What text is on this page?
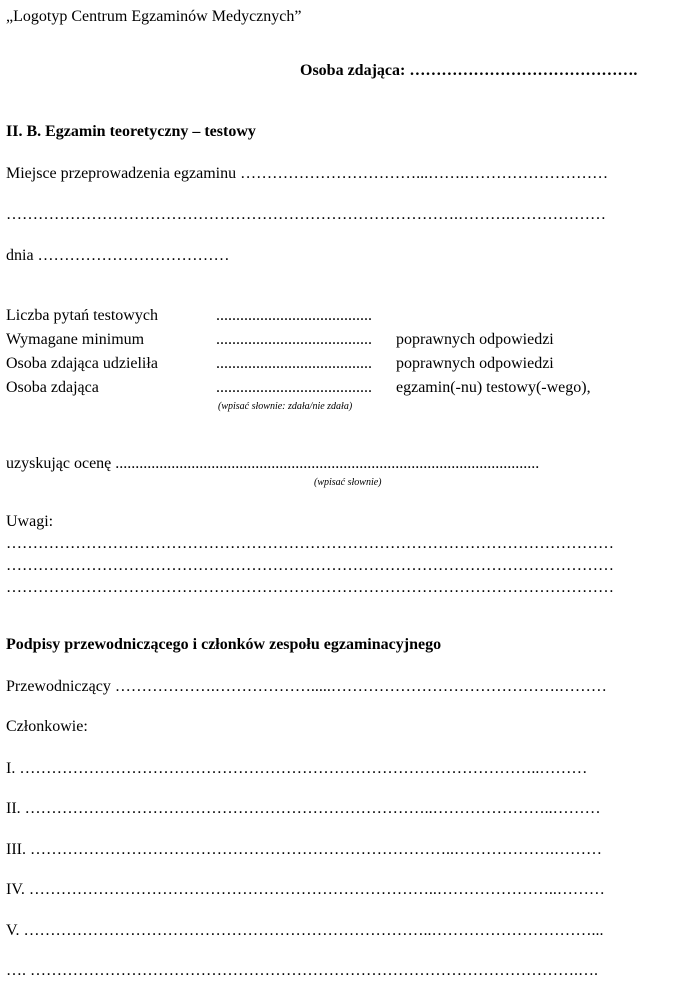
„Logotyp Centrum Egzaminów Medycznych”
Osoba zdająca: …………………………………….
II. B. Egzamin teoretyczny – testowy
Miejsce przeprowadzenia egzaminu ……………………………...…….………………………
………………………………………………………………………….……….………………
dnia ………………………………
Liczba pytań testowych	.......................................
Wymagane minimum	....................................... poprawnych odpowiedzi
Osoba zdająca udzieliła	....................................... poprawnych odpowiedzi
Osoba zdająca	....................................... egzamin(-nu) testowy(-wego),
(wpisać słownie: zdała/nie zdała)
uzyskując ocenę ..........................................................................................................
(wpisać słownie)
Uwagi:
……………………………………………………………………………………………………
……………………………………………………………………………………………………
……………………………………………………………………………………………………
Podpisy przewodniczącego i członków zespołu egzaminacyjnego
Przewodniczący ……………….……………….....…………………………………….………
Członkowie:
I. ……………………………………………………………………………………..………
II. …………………………………………………………………..…………………..………
III. ……………………………………………………………………..……………….………
IV. …………………………………………………………………..…………………..………
V. …………………………………………………………………..…………………………...
…. ………………………………………………………………………………………….….
